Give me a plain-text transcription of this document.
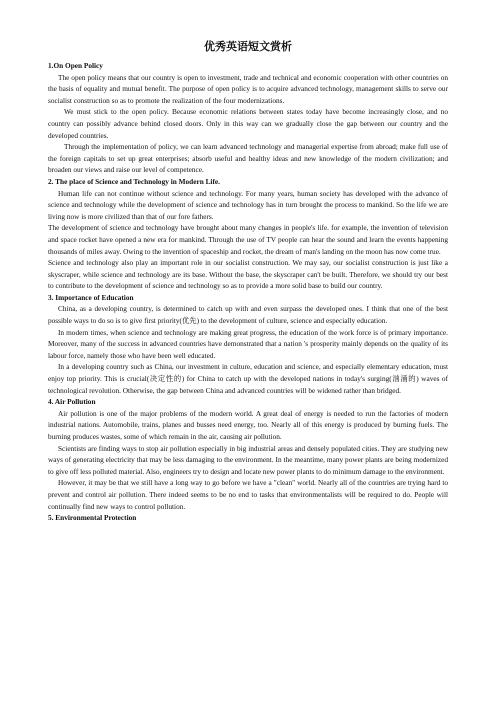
优秀英语短文赏析
1.On Open Policy

The open policy means that our country is open to investment, trade and technical and economic cooperation with other countries on the basis of equality and mutual benefit. The purpose of open policy is to acquire advanced technology, management skills to serve our socialist construction so as to promote the realization of the four modernizations.

We must stick to the open policy. Because economic relations between states today have become increasingly close, and no country can possibly advance behind closed doors. Only in this way can we gradually close the gap between our country and the developed countries.

Through the implementation of policy, we can learn advanced technology and managerial expertise from abroad; make full use of the foreign capitals to set up great enterprises; absorb useful and healthy ideas and new knowledge of the modern civilization; and broaden our views and raise our level of competence.

2. The place of Science and Technology in Modern Life.

Human life can not continue without science and technology. For many years, human society has developed with the advance of science and technology while the development of science and technology has in turn brought the process to mankind. So the life we are living now is more civilized than that of our fore fathers.

The development of science and technology have brought about many changes in people's life. for example, the invention of television and space rocket have opened a new era for mankind. Through the use of TV people can hear the sound and learn the events happening thousands of miles away. Owing to the invention of spaceship and rocket, the dream of man's landing on the moon has now come true.

Science and technology also play an important role in our socialist construction. We may say, our socialist construction is just like a skyscraper, while science and technology are its base. Without the base, the skyscraper can't be built. Therefore, we should try our best to contribute to the development of science and technology so as to provide a more solid base to build our country.

3. Importance of Education

China, as a developing country, is determined to catch up with and even surpass the developed ones. I think that one of the best possible ways to do so is to give first priority(优先) to the development of culture, science and especially education.

In modern times, when science and technology are making great progress, the education of the work force is of primary importance. Moreover, many of the success in advanced countries have demonstrated that a nation 's prosperity mainly depends on the quality of its labour force, namely those who have been well educated.

In a developing country such as China, our investment in culture, education and science, and especially elementary education, must enjoy top priority. This is crucial(决定性的) for China to catch up with the developed nations in today's surging(汹涌的) waves of technological revolution. Otherwise, the gap between China and advanced countries will be widened rather than bridged.

4. Air Pollution

Air pollution is one of the major problems of the modern world. A great deal of energy is needed to run the factories of modern industrial nations. Automobile, trains, planes and busses need energy, too. Nearly all of this energy is produced by burning fuels. The burning produces wastes, some of which remain in the air, causing air pollution.

Scientists are finding ways to stop air pollution especially in big industrial areas and densely populated cities. They are studying new ways of generating electricity that may be less damaging to the environment. In the meantime, many power plants are being modernized to give off less polluted material. Also, engineers try to design and locate new power plants to do minimum damage to the environment.

However, it may be that we still have a long way to go before we have a "clean" world. Nearly all of the countries are trying hard to prevent and control air pollution. There indeed seems to be no end to tasks that environmentalists will be required to do. People will continually find new ways to control pollution.

5. Environmental Protection
